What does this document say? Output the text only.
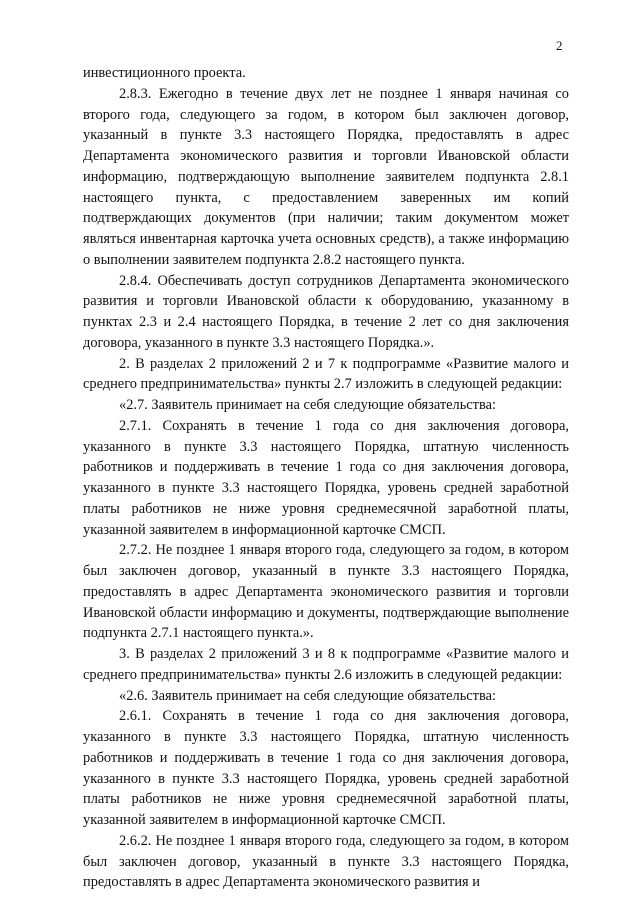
2

инвестиционного проекта.

2.8.3. Ежегодно в течение двух лет не позднее 1 января начиная со второго года, следующего за годом, в котором был заключен договор, указанный в пункте 3.3 настоящего Порядка, предоставлять в адрес Департамента экономического развития и торговли Ивановской области информацию, подтверждающую выполнение заявителем подпункта 2.8.1 настоящего пункта, с предоставлением заверенных им копий подтверждающих документов (при наличии; таким документом может являться инвентарная карточка учета основных средств), а также информацию о выполнении заявителем подпункта 2.8.2 настоящего пункта.

2.8.4. Обеспечивать доступ сотрудников Департамента экономического развития и торговли Ивановской области к оборудованию, указанному в пунктах 2.3 и 2.4 настоящего Порядка, в течение 2 лет со дня заключения договора, указанного в пункте 3.3 настоящего Порядка.».

2. В разделах 2 приложений 2 и 7 к подпрограмме «Развитие малого и среднего предпринимательства» пункты 2.7 изложить в следующей редакции:

«2.7. Заявитель принимает на себя следующие обязательства:

2.7.1. Сохранять в течение 1 года со дня заключения договора, указанного в пункте 3.3 настоящего Порядка, штатную численность работников и поддерживать в течение 1 года со дня заключения договора, указанного в пункте 3.3 настоящего Порядка, уровень средней заработной платы работников не ниже уровня среднемесячной заработной платы, указанной заявителем в информационной карточке СМСП.

2.7.2. Не позднее 1 января второго года, следующего за годом, в котором был заключен договор, указанный в пункте 3.3 настоящего Порядка, предоставлять в адрес Департамента экономического развития и торговли Ивановской области информацию и документы, подтверждающие выполнение подпункта 2.7.1 настоящего пункта.».

3. В разделах 2 приложений 3 и 8 к подпрограмме «Развитие малого и среднего предпринимательства» пункты 2.6 изложить в следующей редакции:

«2.6. Заявитель принимает на себя следующие обязательства:

2.6.1. Сохранять в течение 1 года со дня заключения договора, указанного в пункте 3.3 настоящего Порядка, штатную численность работников и поддерживать в течение 1 года со дня заключения договора, указанного в пункте 3.3 настоящего Порядка, уровень средней заработной платы работников не ниже уровня среднемесячной заработной платы, указанной заявителем в информационной карточке СМСП.

2.6.2. Не позднее 1 января второго года, следующего за годом, в котором был заключен договор, указанный в пункте 3.3 настоящего Порядка, предоставлять в адрес Департамента экономического развития и
